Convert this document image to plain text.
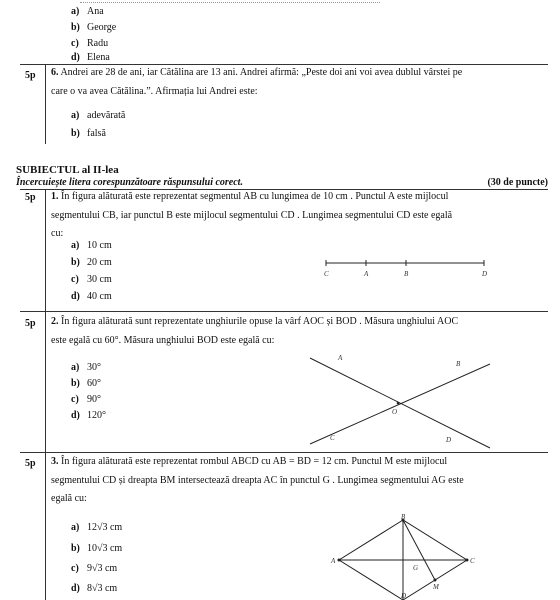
a) Ana
b) George
c) Radu
d) Elena
5p 6. Andrei are 28 de ani, iar Cătălina are 13 ani. Andrei afirmă: „Peste doi ani voi avea dublul vârstei pe
care o va avea Cătălina.”. Afirmația lui Andrei este:
a) adevărată
b) falsă
SUBIECTUL al II-lea
Încercuiește litera corespunzătoare răspunsului corect.	(30 de puncte)
5p 1. În figura alăturată este reprezentat segmentul AB cu lungimea de 10 cm . Punctul A este mijlocul
segmentului CB, iar punctul B este mijlocul segmentului CD . Lungimea segmentului CD este egală
cu:
a) 10 cm
b) 20 cm
c) 30 cm
d) 40 cm
C	A	B	D
5p 2. În figura alăturată sunt reprezentate unghiurile opuse la vârf AOC și BOD . Măsura unghiului AOC
este egală cu 60°. Măsura unghiului BOD este egală cu:
a) 30°
b) 60°
c) 90°
d) 120°
A
B
O
C	D
5p 3. În figura alăturată este reprezentat rombul ABCD cu AB = BD = 12 cm. Punctul M este mijlocul
segmentului CD și dreapta BM intersectează dreapta AC în punctul G . Lungimea segmentului AG este
egală cu:
a) 12√3 cm
b) 10√3 cm
c) 9√3 cm
d) 8√3 cm
B
A	C
G
M
D
